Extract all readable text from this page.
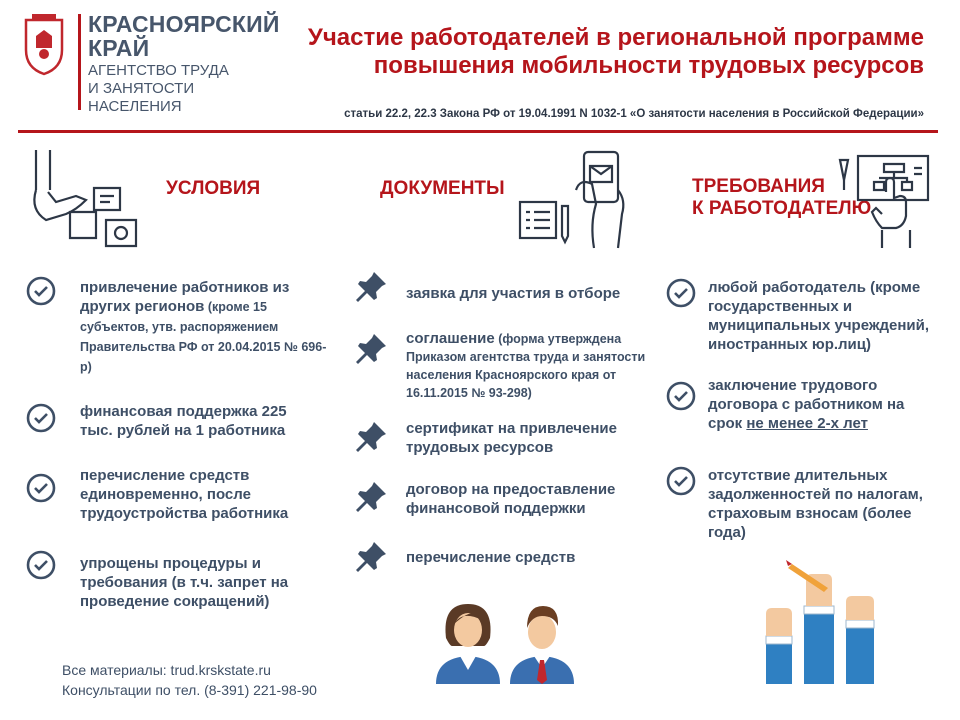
КРАСНОЯРСКИЙ
КРАЙ
АГЕНТСТВО ТРУДА
И ЗАНЯТОСТИ
НАСЕЛЕНИЯ
Участие работодателей в региональной программе
повышения мобильности трудовых ресурсов
статьи 22.2, 22.3 Закона РФ от 19.04.1991 N 1032-1 «О занятости населения в Российской Федерации»
УСЛОВИЯ
привлечение работников из других регионов (кроме 15 субъектов, утв. распоряжением Правительства РФ от 20.04.2015 № 696-р)
финансовая поддержка 225 тыс. рублей на 1 работника
перечисление средств единовременно, после трудоустройства работника
упрощены процедуры и требования (в т.ч. запрет на проведение сокращений)
ДОКУМЕНТЫ
заявка для участия в отборе
соглашение (форма утверждена Приказом агентства труда и занятости населения Красноярского края от 16.11.2015 № 93-298)
сертификат на привлечение трудовых ресурсов
договор на предоставление финансовой поддержки
перечисление средств
ТРЕБОВАНИЯ
К РАБОТОДАТЕЛЮ
любой работодатель (кроме государственных и муниципальных учреждений, иностранных юр.лиц)
заключение трудового договора с работником на срок не менее 2-х лет
отсутствие длительных задолженностей по налогам, страховым взносам (более года)
Все материалы: trud.krskstate.ru
Консультации по тел. (8-391) 221-98-90
